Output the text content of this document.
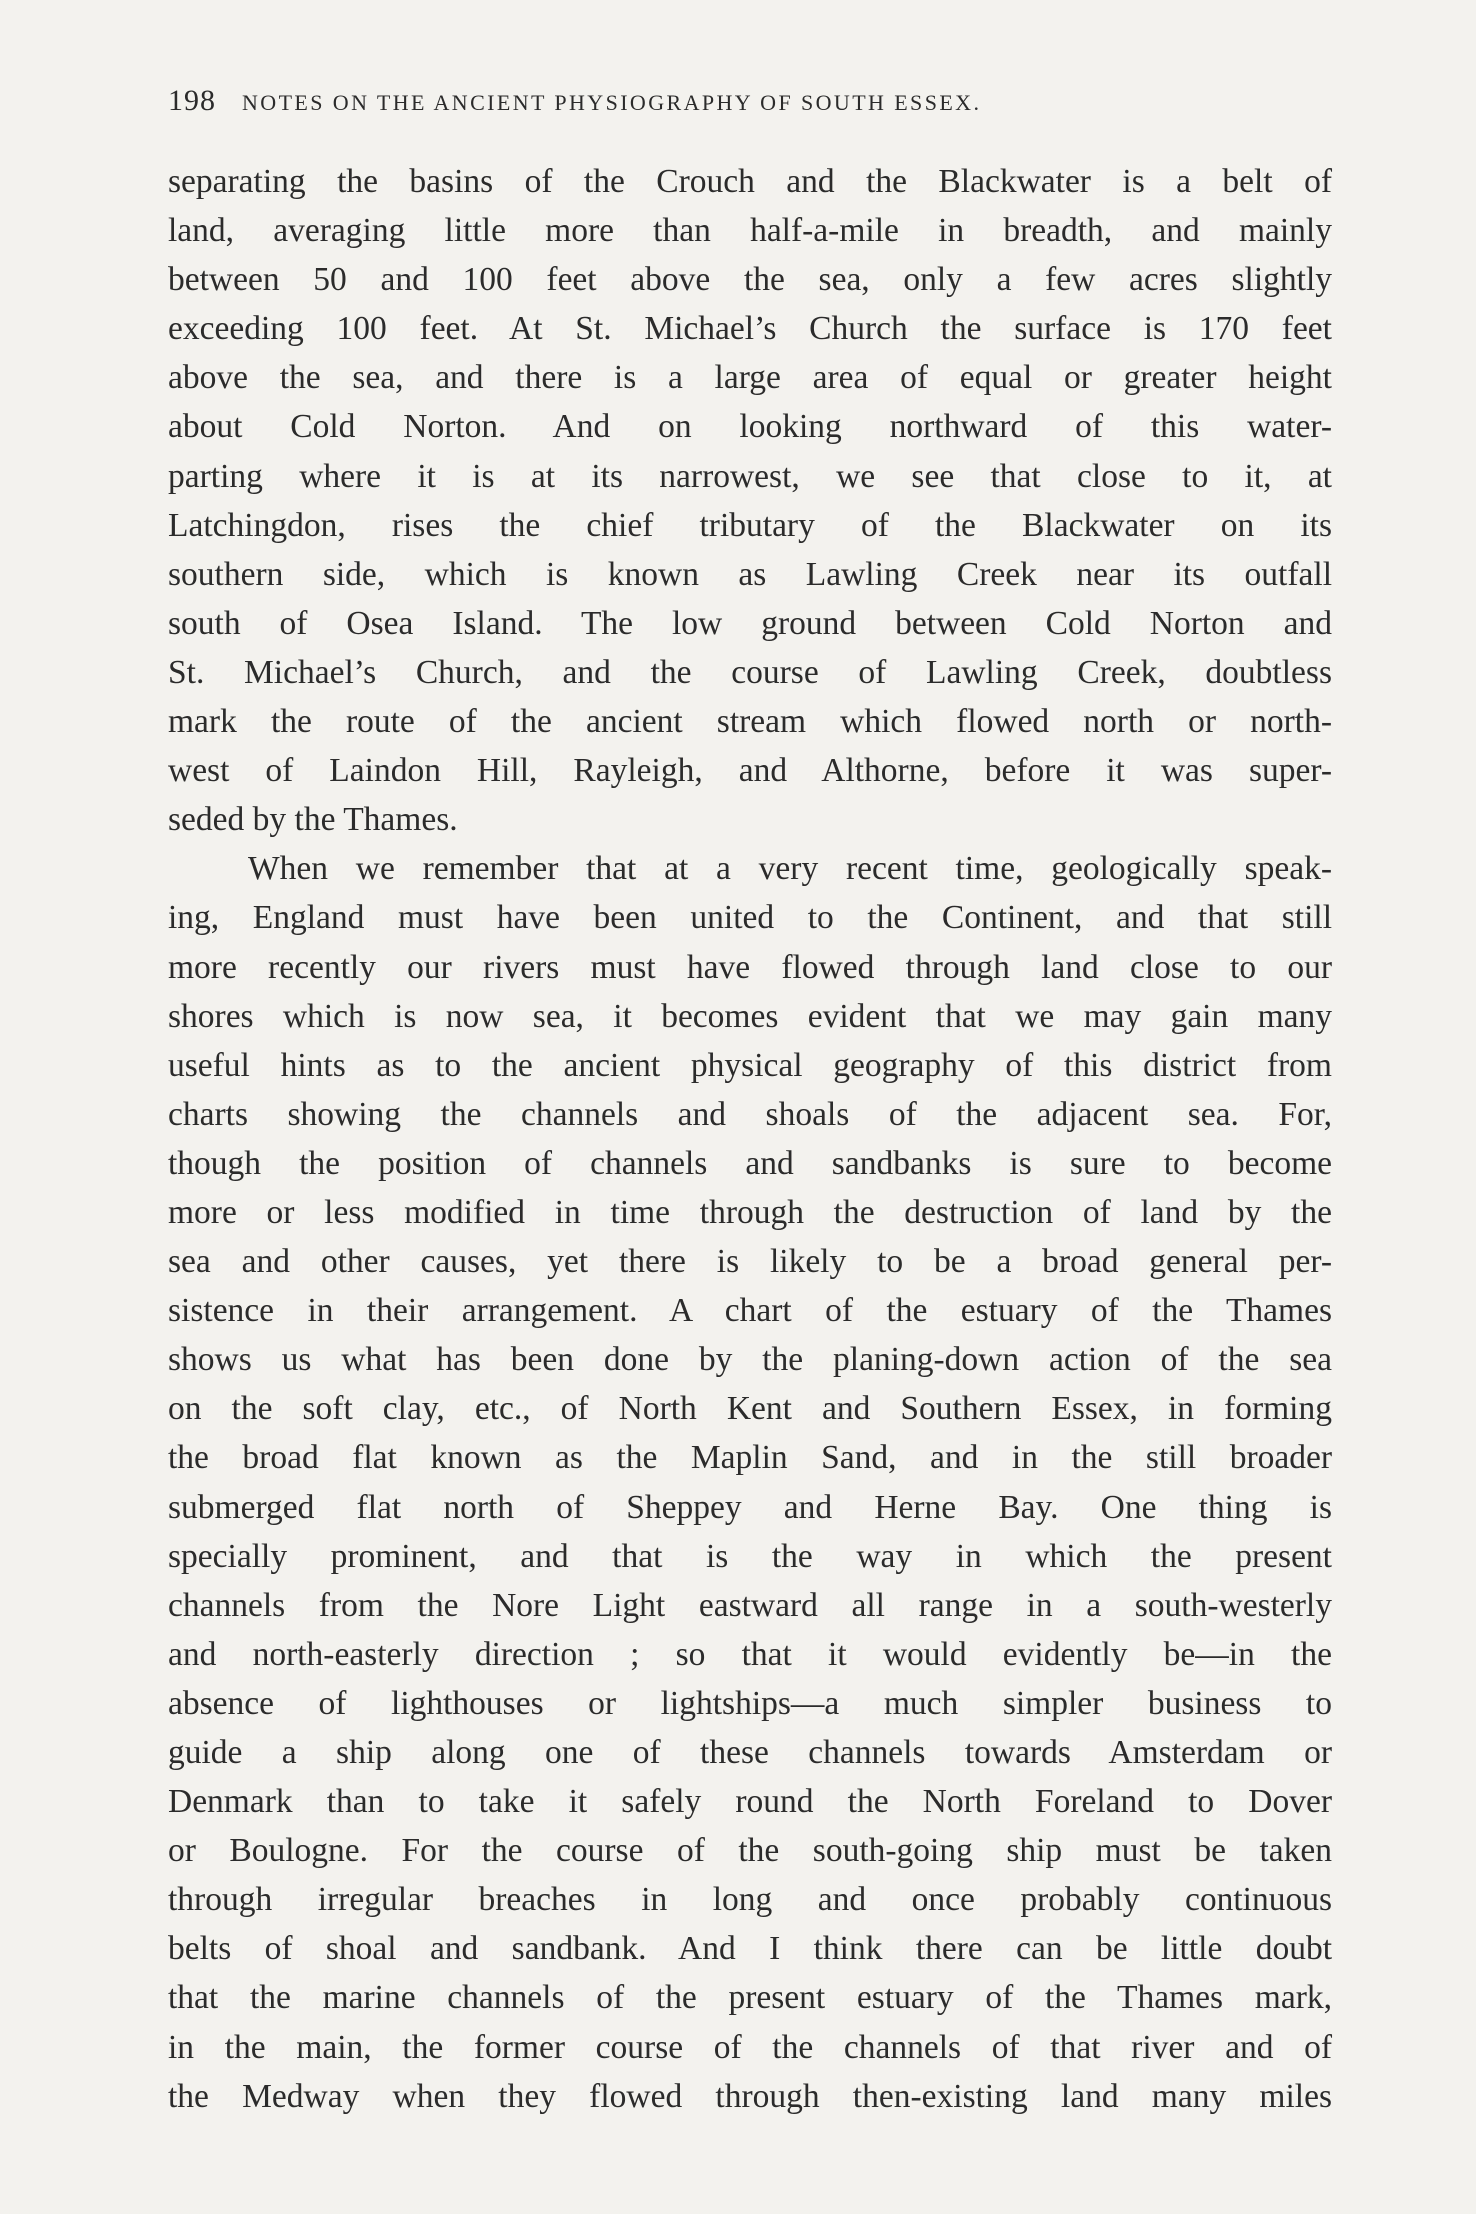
198 NOTES ON THE ANCIENT PHYSIOGRAPHY OF SOUTH ESSEX.
separating the basins of the Crouch and the Blackwater is a belt of
land, averaging little more than half-a-mile in breadth, and mainly
between 50 and 100 feet above the sea, only a few acres slightly
exceeding 100 feet. At St. Michael’s Church the surface is 170 feet
above the sea, and there is a large area of equal or greater height
about Cold Norton. And on looking northward of this water-
parting where it is at its narrowest, we see that close to it, at
Latchingdon, rises the chief tributary of the Blackwater on its
southern side, which is known as Lawling Creek near its outfall
south of Osea Island. The low ground between Cold Norton and
St. Michael’s Church, and the course of Lawling Creek, doubtless
mark the route of the ancient stream which flowed north or north-
west of Laindon Hill, Rayleigh, and Althorne, before it was super-
seded by the Thames.
When we remember that at a very recent time, geologically speak-
ing, England must have been united to the Continent, and that still
more recently our rivers must have flowed through land close to our
shores which is now sea, it becomes evident that we may gain many
useful hints as to the ancient physical geography of this district from
charts showing the channels and shoals of the adjacent sea. For,
though the position of channels and sandbanks is sure to become
more or less modified in time through the destruction of land by the
sea and other causes, yet there is likely to be a broad general per-
sistence in their arrangement. A chart of the estuary of the Thames
shows us what has been done by the planing-down action of the sea
on the soft clay, etc., of North Kent and Southern Essex, in forming
the broad flat known as the Maplin Sand, and in the still broader
submerged flat north of Sheppey and Herne Bay. One thing is
specially prominent, and that is the way in which the present
channels from the Nore Light eastward all range in a south-westerly
and north-easterly direction ; so that it would evidently be—in the
absence of lighthouses or lightships—a much simpler business to
guide a ship along one of these channels towards Amsterdam or
Denmark than to take it safely round the North Foreland to Dover
or Boulogne. For the course of the south-going ship must be taken
through irregular breaches in long and once probably continuous
belts of shoal and sandbank. And I think there can be little doubt
that the marine channels of the present estuary of the Thames mark,
in the main, the former course of the channels of that river and of
the Medway when they flowed through then-existing land many miles
